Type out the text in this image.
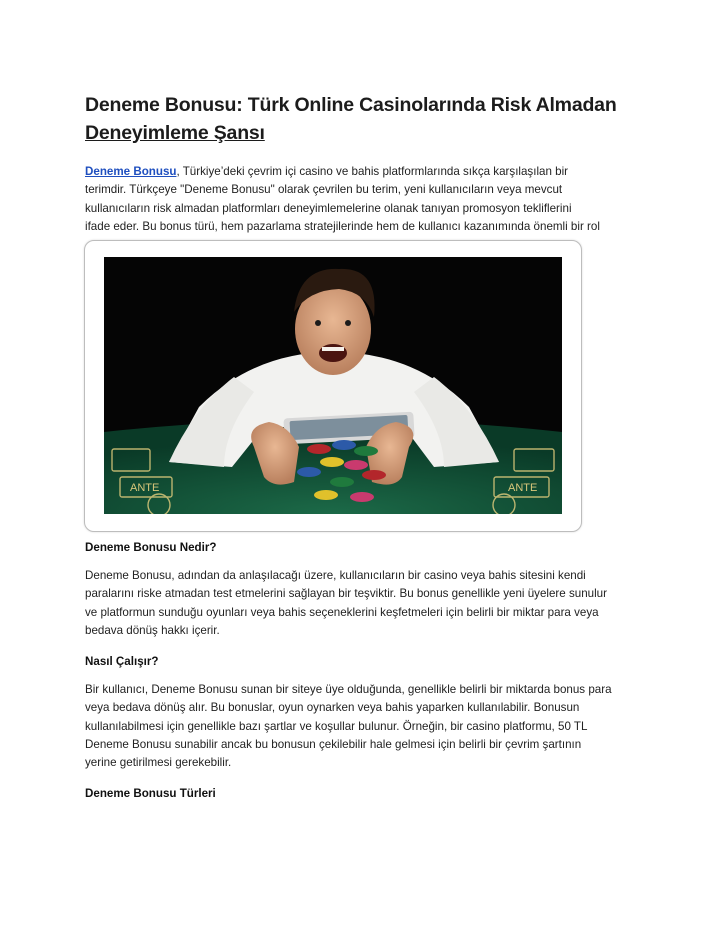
Deneme Bonusu: Türk Online Casinolarında Risk Almadan
Deneyimleme Şansı
Deneme Bonusu, Türkiye’deki çevrim içi casino ve bahis platformlarında sıkça karşılaşılan bir
terimdir. Türkçeye "Deneme Bonusu" olarak çevrilen bu terim, yeni kullanıcıların veya mevcut
kullanıcıların risk almadan platformları deneyimlemelerine olanak tanıyan promosyon tekliflerini
ifade eder. Bu bonus türü, hem pazarlama stratejilerinde hem de kullanıcı kazanımında önemli bir rol
ANTE	ANTE
Deneme Bonusu Nedir?
Deneme Bonusu, adından da anlaşılacağı üzere, kullanıcıların bir casino veya bahis sitesini kendi
paralarını riske atmadan test etmelerini sağlayan bir teşviktir. Bu bonus genellikle yeni üyelere sunulur
ve platformun sunduğu oyunları veya bahis seçeneklerini keşfetmeleri için belirli bir miktar para veya
bedava dönüş hakkı içerir.
Nasıl Çalışır?
Bir kullanıcı, Deneme Bonusu sunan bir siteye üye olduğunda, genellikle belirli bir miktarda bonus para
veya bedava dönüş alır. Bu bonuslar, oyun oynarken veya bahis yaparken kullanılabilir. Bonusun
kullanılabilmesi için genellikle bazı şartlar ve koşullar bulunur. Örneğin, bir casino platformu, 50 TL
Deneme Bonusu sunabilir ancak bu bonusun çekilebilir hale gelmesi için belirli bir çevrim şartının
yerine getirilmesi gerekebilir.
Deneme Bonusu Türleri
